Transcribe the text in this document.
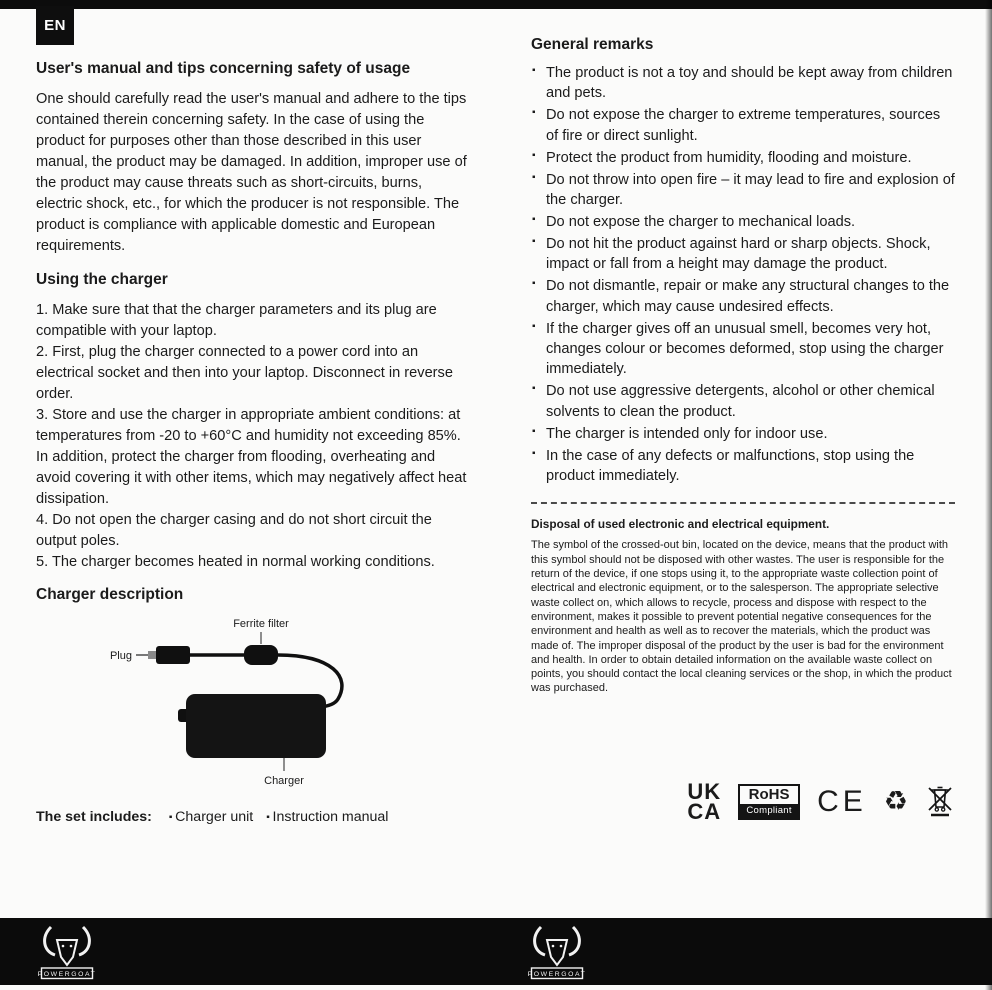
EN
User's manual and tips concerning safety of usage

One should carefully read the user's manual and adhere to the tips contained therein concerning safety. In the case of using the product for purposes other than those described in this user manual, the product may be damaged. In addition, improper use of the product may cause threats such as short-circuits, burns, electric shock, etc., for which the producer is not responsible. The product is compliance with applicable domestic and European requirements.

Using the charger

1. Make sure that that the charger parameters and its plug are compatible with your laptop.

2. First, plug the charger connected to a power cord into an electrical socket and then into your laptop. Disconnect in reverse order.

3. Store and use the charger in appropriate ambient conditions: at temperatures from -20 to +60°C and humidity not exceeding 85%. In addition, protect the charger from flooding, overheating and avoid covering it with other items, which may negatively affect heat dissipation.

4. Do not open the charger casing and do not short circuit the output poles.

5. The charger becomes heated in normal working conditions.

Charger description
Ferrite filter
Plug
Charger
The set includes: ▪ Charger unit ▪ Instruction manual
General remarks
▪ The product is not a toy and should be kept away from children and pets.
▪ Do not expose the charger to extreme temperatures, sources of fire or direct sunlight.
▪ Protect the product from humidity, flooding and moisture.
▪ Do not throw into open fire – it may lead to fire and explosion of the charger.
▪ Do not expose the charger to mechanical loads.
▪ Do not hit the product against hard or sharp objects. Shock, impact or fall from a height may damage the product.
▪ Do not dismantle, repair or make any structural changes to the charger, which may cause undesired effects.
▪ If the charger gives off an unusual smell, becomes very hot, changes colour or becomes deformed, stop using the charger immediately.
▪ Do not use aggressive detergents, alcohol or other chemical solvents to clean the product.
▪ The charger is intended only for indoor use.
▪ In the case of any defects or malfunctions, stop using the product immediately.

Disposal of used electronic and electrical equipment.

The symbol of the crossed-out bin, located on the device, means that the product with this symbol should not be disposed with other wastes. The user is responsible for the return of the device, if one stops using it, to the appropriate waste collection point of electrical and electronic equipment, or to the salesperson. The appropriate selective waste collect on, which allows to recycle, process and dispose with respect to the environment, makes it possible to prevent potential negative consequences for the environment and health as well as to recover the materials, which the product was made of. The improper disposal of the product by the user is bad for the environment and health. In order to obtain detailed information on the available waste collect on points, you should contact the local cleaning services or the shop, in which the product was purchased.

UK
CA
RoHS
Compliant CE ♻
POWERGOAT	POWERGOAT
